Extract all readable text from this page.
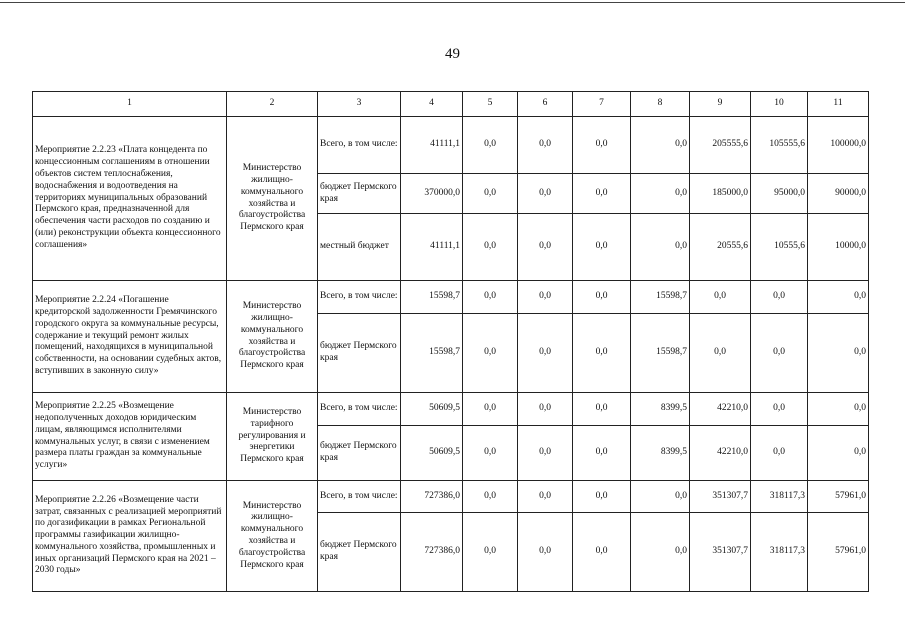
49
1	2	3	4	5	6	7	8	9	10	11
Мероприятие 2.2.23 «Плата концедента по концессионным соглашениям в отношении объектов систем теплоснабжения, водоснабжения и водоотведения на территориях муниципальных образований Пермского края, предназначенной для обеспечения части расходов по созданию и (или) реконструкции объекта концессионного соглашения»	Министерство жилищно-коммунального хозяйства и благоустройства Пермского края	Всего, в том числе:	41111,1	0,0	0,0	0,0	0,0	205555,6	105555,6	100000,0
		бюджет Пермского края	370000,0	0,0	0,0	0,0	0,0	185000,0	95000,0	90000,0
		местный бюджет	41111,1	0,0	0,0	0,0	0,0	20555,6	10555,6	10000,0
Мероприятие 2.2.24 «Погашение кредиторской задолженности Гремячинского городского округа за коммунальные ресурсы, содержание и текущий ремонт жилых помещений, находящихся в муниципальной собственности, на основании судебных актов, вступивших в законную силу»	Министерство жилищно-коммунального хозяйства и благоустройства Пермского края	Всего, в том числе:	15598,7	0,0	0,0	0,0	15598,7	0,0	0,0	0,0
		бюджет Пермского края	15598,7	0,0	0,0	0,0	15598,7	0,0	0,0	0,0
Мероприятие 2.2.25 «Возмещение недополученных доходов юридическим лицам, являющимся исполнителями коммунальных услуг, в связи с изменением размера платы граждан за коммунальные услуги»	Министерство тарифного регулирования и энергетики Пермского края	Всего, в том числе:	50609,5	0,0	0,0	0,0	8399,5	42210,0	0,0	0,0
		бюджет Пермского края	50609,5	0,0	0,0	0,0	8399,5	42210,0	0,0	0,0
Мероприятие 2.2.26 «Возмещение части затрат, связанных с реализацией мероприятий по догазификации в рамках Региональной программы газификации жилищно-коммунального хозяйства, промышленных и иных организаций Пермского края на 2021 – 2030 годы»	Министерство жилищно-коммунального хозяйства и благоустройства Пермского края	Всего, в том числе:	727386,0	0,0	0,0	0,0	0,0	351307,7	318117,3	57961,0
		бюджет Пермского края	727386,0	0,0	0,0	0,0	0,0	351307,7	318117,3	57961,0
